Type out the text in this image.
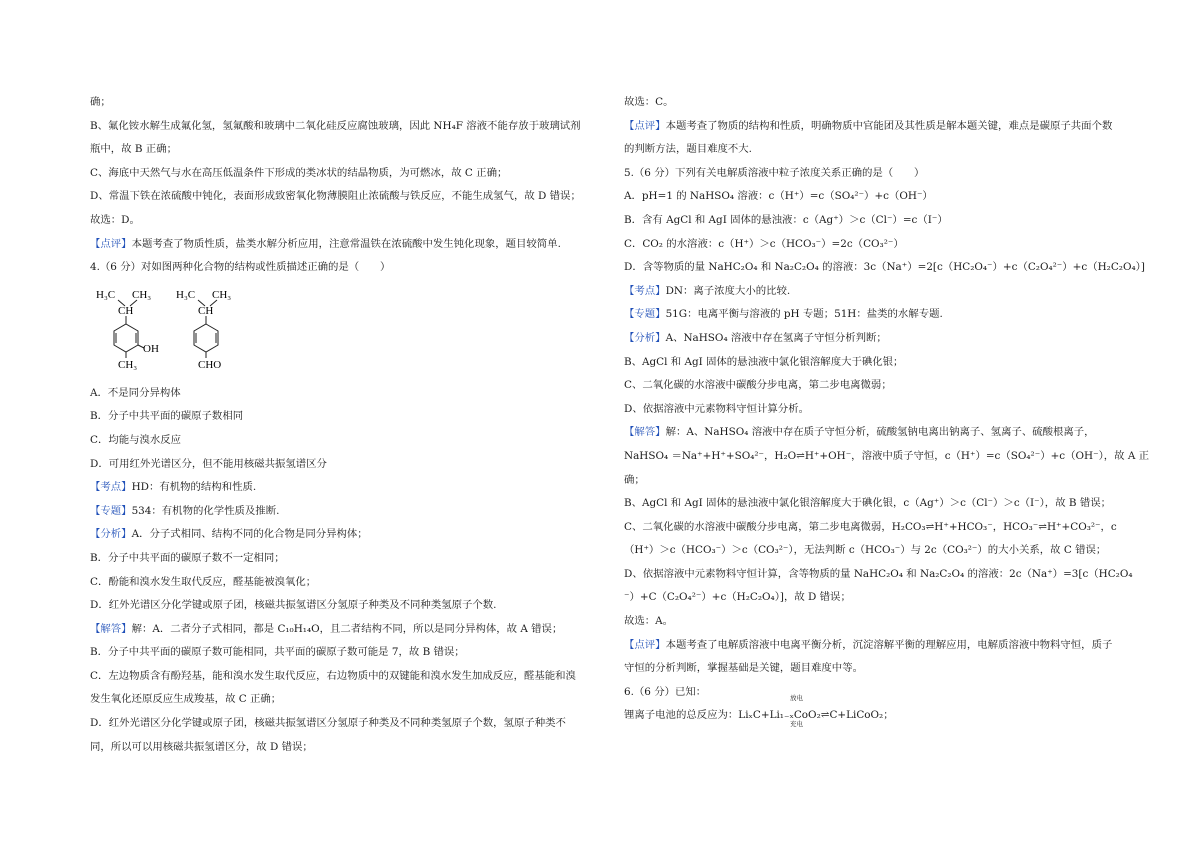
确；
B、氟化铵水解生成氟化氢，氢氟酸和玻璃中二氧化硅反应腐蚀玻璃，因此 NH₄F 溶液不能存放于玻璃试剂
瓶中，故 B 正确；
C、海底中天然气与水在高压低温条件下形成的类冰状的结晶物质，为可燃冰，故 C 正确；
D、常温下铁在浓硫酸中钝化，表面形成致密氧化物薄膜阻止浓硫酸与铁反应，不能生成氢气，故 D 错误；
故选：D。
【点评】本题考查了物质性质，盐类水解分析应用，注意常温铁在浓硫酸中发生钝化现象，题目较简单.
4.（6 分）对如图两种化合物的结构或性质描述正确的是（　　）
H₃C CH₃
CH
OH
CH₃
H₃C CH₃
CH
CHO
A．不是同分异构体
B．分子中共平面的碳原子数相同
C．均能与溴水反应
D．可用红外光谱区分，但不能用核磁共振氢谱区分
【考点】HD：有机物的结构和性质.
【专题】534：有机物的化学性质及推断.
【分析】A．分子式相同、结构不同的化合物是同分异构体；
B．分子中共平面的碳原子数不一定相同；
C．酚能和溴水发生取代反应，醛基能被溴氧化；
D．红外光谱区分化学键或原子团，核磁共振氢谱区分氢原子种类及不同种类氢原子个数.
【解答】解：A．二者分子式相同，都是 C₁₀H₁₄O，且二者结构不同，所以是同分异构体，故 A 错误；
B．分子中共平面的碳原子数可能相同，共平面的碳原子数可能是 7，故 B 错误；
C．左边物质含有酚羟基，能和溴水发生取代反应，右边物质中的双键能和溴水发生加成反应，醛基能和溴
发生氧化还原反应生成羧基，故 C 正确；
D．红外光谱区分化学键或原子团，核磁共振氢谱区分氢原子种类及不同种类氢原子个数，氢原子种类不
同，所以可以用核磁共振氢谱区分，故 D 错误；
故选：C。
【点评】本题考查了物质的结构和性质，明确物质中官能团及其性质是解本题关键，难点是碳原子共面个数
的判断方法，题目难度不大.
5.（6 分）下列有关电解质溶液中粒子浓度关系正确的是（　　）
A．pH=1 的 NaHSO₄ 溶液：c（H⁺）=c（SO₄²⁻）+c（OH⁻）
B．含有 AgCl 和 AgI 固体的悬浊液：c（Ag⁺）＞c（Cl⁻）=c（I⁻）
C．CO₂ 的水溶液：c（H⁺）＞c（HCO₃⁻）=2c（CO₃²⁻）
D．含等物质的量 NaHC₂O₄ 和 Na₂C₂O₄ 的溶液：3c（Na⁺）=2[c（HC₂O₄⁻）+c（C₂O₄²⁻）+c（H₂C₂O₄）]
【考点】DN：离子浓度大小的比较.
【专题】51G：电离平衡与溶液的 pH 专题；51H：盐类的水解专题.
【分析】A、NaHSO₄ 溶液中存在氢离子守恒分析判断；
B、AgCl 和 AgI 固体的悬浊液中氯化银溶解度大于碘化银；
C、二氧化碳的水溶液中碳酸分步电离，第二步电离微弱；
D、依据溶液中元素物料守恒计算分析。
【解答】解：A、NaHSO₄ 溶液中存在质子守恒分析，硫酸氢钠电离出钠离子、氢离子、硫酸根离子，
NaHSO₄ ＝Na⁺+H⁺+SO₄²⁻，H₂O⇌H⁺+OH⁻，溶液中质子守恒，c（H⁺）=c（SO₄²⁻）+c（OH⁻），故 A 正
确；
B、AgCl 和 AgI 固体的悬浊液中氯化银溶解度大于碘化银，c（Ag⁺）＞c（Cl⁻）＞c（I⁻），故 B 错误；
C、二氧化碳的水溶液中碳酸分步电离，第二步电离微弱，H₂CO₃⇌H⁺+HCO₃⁻，HCO₃⁻⇌H⁺+CO₃²⁻，c
（H⁺）＞c（HCO₃⁻）＞c（CO₃²⁻），无法判断 c（HCO₃⁻）与 2c（CO₃²⁻）的大小关系，故 C 错误；
D、依据溶液中元素物料守恒计算，含等物质的量 NaHC₂O₄ 和 Na₂C₂O₄ 的溶液：2c（Na⁺）=3[c（HC₂O₄
⁻）+C（C₂O₄²⁻）+c（H₂C₂O₄）]，故 D 错误；
故选：A。
【点评】本题考查了电解质溶液中电离平衡分析，沉淀溶解平衡的理解应用，电解质溶液中物料守恒，质子
守恒的分析判断，掌握基础是关键，题目难度中等。
6.（6 分）已知：
锂离子电池的总反应为：LiₓC+Li₁₋ₓCoO₂⇌C+LiCoO₂；
放电
充电
